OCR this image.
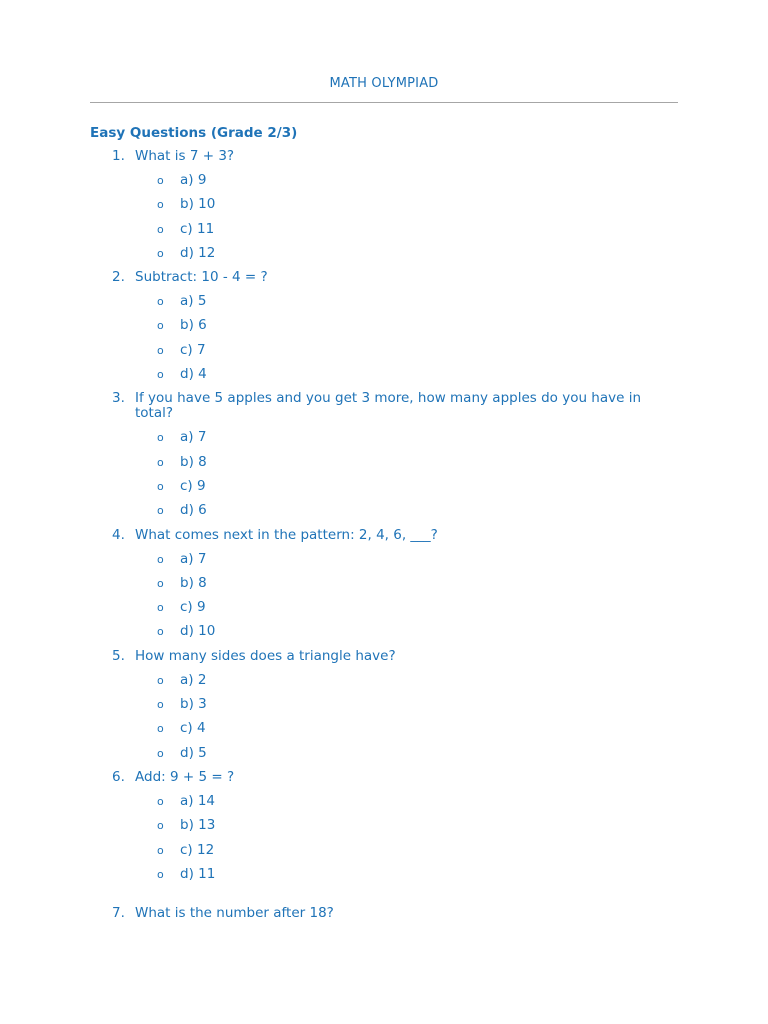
MATH OLYMPIAD
Easy Questions (Grade 2/3)
1. What is 7 + 3?
o a) 9
o b) 10
o c) 11
o d) 12
2. Subtract: 10 - 4 = ?
o a) 5
o b) 6
o c) 7
o d) 4
3. If you have 5 apples and you get 3 more, how many apples do you have in total?
o a) 7
o b) 8
o c) 9
o d) 6
4. What comes next in the pattern: 2, 4, 6, ___?
o a) 7
o b) 8
o c) 9
o d) 10
5. How many sides does a triangle have?
o a) 2
o b) 3
o c) 4
o d) 5
6. Add: 9 + 5 = ?
o a) 14
o b) 13
o c) 12
o d) 11
7. What is the number after 18?
